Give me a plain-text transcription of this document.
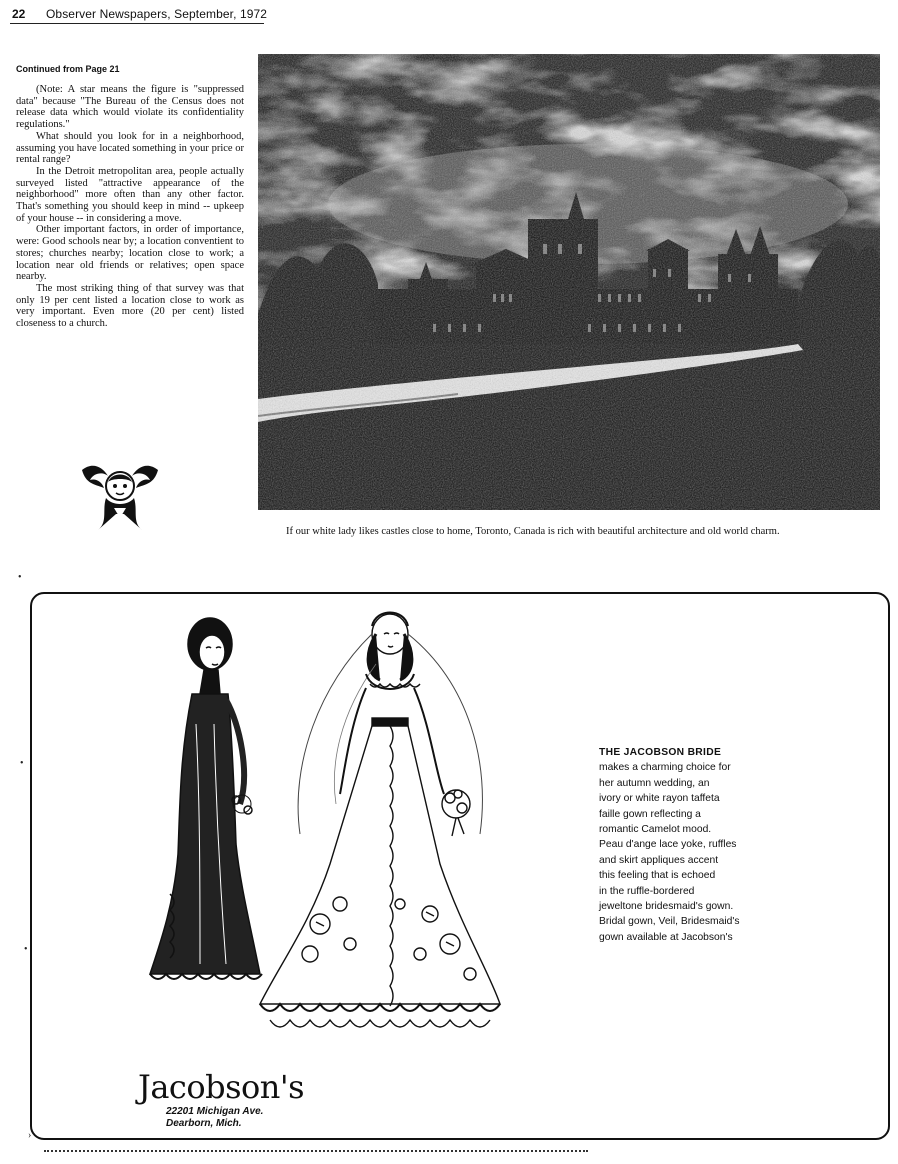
22 Observer Newspapers, September, 1972
Continued from Page 21

(Note: A star means the figure is "suppressed data" because "The Bureau of the Census does not release data which would violate its confidentiality regulations."

What should you look for in a neighborhood, assuming you have located something in your price or rental range?

In the Detroit metropolitan area, people actually surveyed listed "attractive appearance of the neighborhood" more often than any other factor. That's something you should keep in mind -- upkeep of your house -- in considering a move.

Other important factors, in order of importance, were: Good schools near by; a location conventient to stores; churches nearby; location close to work; a location near old friends or relatives; open space nearby.

The most striking thing of that survey was that only 19 per cent listed a location close to work as very important. Even more (20 per cent) listed closeness to a church.

If our white lady likes castles close to home, Toronto, Canada is rich with beautiful architecture and old world charm.
•
•
•
›
THE JACOBSON BRIDE
makes a charming choice for
her autumn wedding, an
ivory or white rayon taffeta
faille gown reflecting a
romantic Camelot mood.
Peau d'ange lace yoke, ruffles
and skirt appliques accent
this feeling that is echoed
in the ruffle-bordered
jeweltone bridesmaid's gown.
Bridal gown, Veil, Bridesmaid's
gown available at Jacobson's
Jacobson's
22201 Michigan Ave.
Dearborn, Mich.
